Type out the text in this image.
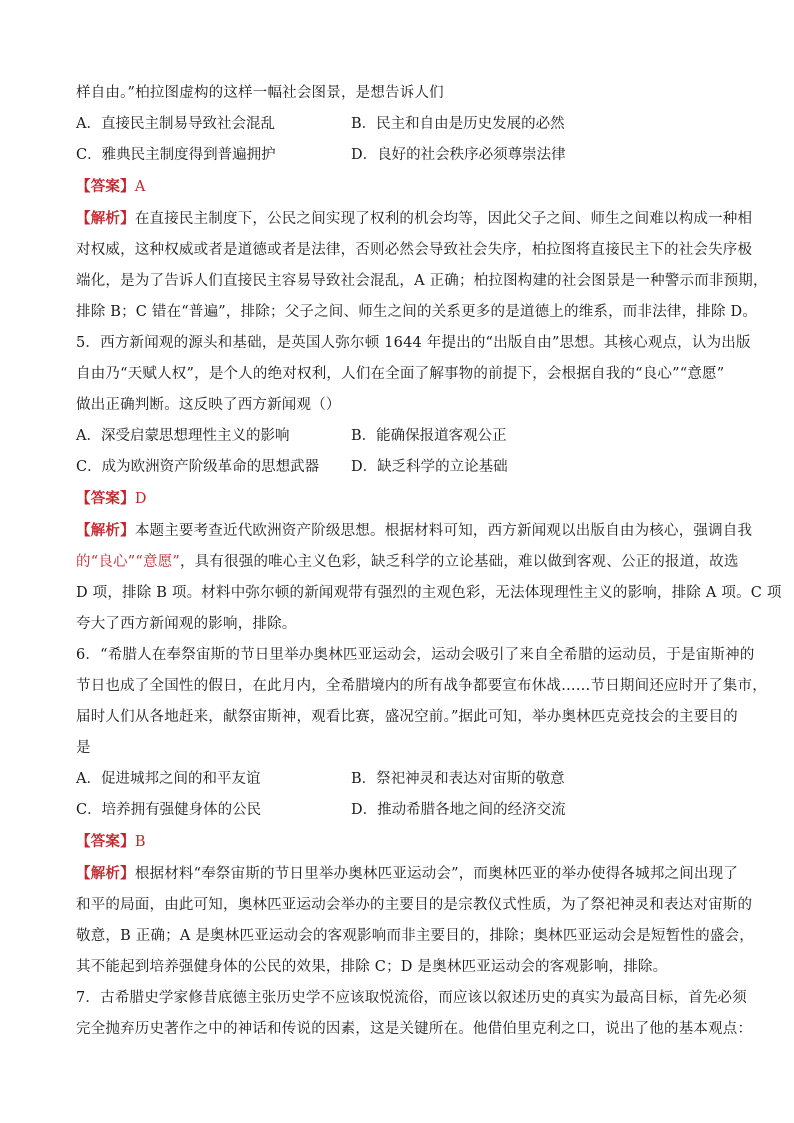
样自由。”柏拉图虚构的这样一幅社会图景，是想告诉人们
A．直接民主制易导致社会混乱	B．民主和自由是历史发展的必然
C．雅典民主制度得到普遍拥护	D．良好的社会秩序必须尊崇法律
【答案】A
【解析】在直接民主制度下，公民之间实现了权利的机会均等，因此父子之间、师生之间难以构成一种相
对权威，这种权威或者是道德或者是法律，否则必然会导致社会失序，柏拉图将直接民主下的社会失序极
端化，是为了告诉人们直接民主容易导致社会混乱，A 正确；柏拉图构建的社会图景是一种警示而非预期，
排除 B；C 错在“普遍”，排除；父子之间、师生之间的关系更多的是道德上的维系，而非法律，排除 D。
5．西方新闻观的源头和基础，是英国人弥尔顿 1644 年提出的“出版自由”思想。其核心观点，认为出版
自由乃“天赋人权”，是个人的绝对权利，人们在全面了解事物的前提下，会根据自我的“良心”“意愿”
做出正确判断。这反映了西方新闻观（）
A．深受启蒙思想理性主义的影响	B．能确保报道客观公正
C．成为欧洲资产阶级革命的思想武器	D．缺乏科学的立论基础
【答案】D
【解析】本题主要考查近代欧洲资产阶级思想。根据材料可知，西方新闻观以出版自由为核心，强调自我
的“良心”“意愿”，具有很强的唯心主义色彩，缺乏科学的立论基础，难以做到客观、公正的报道，故选
D 项，排除 B 项。材料中弥尔顿的新闻观带有强烈的主观色彩，无法体现理性主义的影响，排除 A 项。C 项
夸大了西方新闻观的影响，排除。
6．“希腊人在奉祭宙斯的节日里举办奥林匹亚运动会，运动会吸引了来自全希腊的运动员，于是宙斯神的
节日也成了全国性的假日，在此月内，全希腊境内的所有战争都要宣布休战……节日期间还应时开了集市，
届时人们从各地赶来，献祭宙斯神，观看比赛，盛况空前。”据此可知，举办奥林匹克竞技会的主要目的
是
A．促进城邦之间的和平友谊	B．祭祀神灵和表达对宙斯的敬意
C．培养拥有强健身体的公民	D．推动希腊各地之间的经济交流
【答案】B
【解析】根据材料“奉祭宙斯的节日里举办奥林匹亚运动会”，而奥林匹亚的举办使得各城邦之间出现了
和平的局面，由此可知，奥林匹亚运动会举办的主要目的是宗教仪式性质，为了祭祀神灵和表达对宙斯的
敬意，B 正确；A 是奥林匹亚运动会的客观影响而非主要目的，排除；奥林匹亚运动会是短暂性的盛会，
其不能起到培养强健身体的公民的效果，排除 C；D 是奥林匹亚运动会的客观影响，排除。
7．古希腊史学家修昔底德主张历史学不应该取悦流俗，而应该以叙述历史的真实为最高目标，首先必须
完全抛弃历史著作之中的神话和传说的因素，这是关键所在。他借伯里克利之口，说出了他的基本观点：
